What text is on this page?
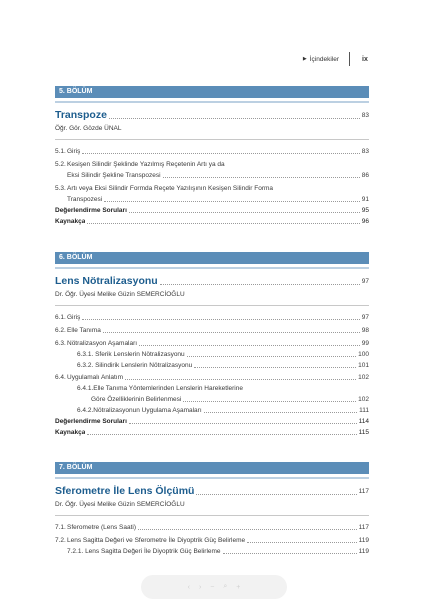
▶ İçindekiler	ix
5. BÖLÜM
Transpoze	83
Öğr. Gör. Gözde ÜNAL
5.1.Giriş	83
5.2.Kesişen Silindir Şeklinde Yazılmış Reçetenin Artı ya da
Eksi Silindir Şekline Transpozesi	86
5.3.Artı veya Eksi Silindir Formda Reçete Yazılışının Kesişen Silindir Forma
Transpozesi	91
Değerlendirme Soruları	95
Kaynakça	96
6. BÖLÜM
Lens Nötralizasyonu	97
Dr. Öğr. Üyesi Melike Güzin SEMERCİOĞLU
6.1.Giriş	97
6.2.Elle Tanıma	98
6.3.Nötralizasyon Aşamaları	99
6.3.1. Sferik Lenslerin Nötralizasyonu	100
6.3.2. Silindirik Lenslerin Nötralizasyonu	101
6.4.Uygulamalı Anlatım	102
6.4.1.Elle Tanıma Yöntemlerinden Lenslerin Hareketlerine
Göre Özelliklerinin Belirlenmesi	102
6.4.2.Nötralizasyonun Uygulama Aşamaları	111
Değerlendirme Soruları	114
Kaynakça	115
7. BÖLÜM
Sferometre İle Lens Ölçümü	117
Dr. Öğr. Üyesi Melike Güzin SEMERCİOĞLU
7.1.Sferometre (Lens Saati)	117
7.2.Lens Sagitta Değeri ve Sferometre İle Diyoptrik Güç Belirleme	119
7.2.1. Lens Sagitta Değeri İle Diyoptrik Güç Belirleme	119
‹ › − ⌕ +
